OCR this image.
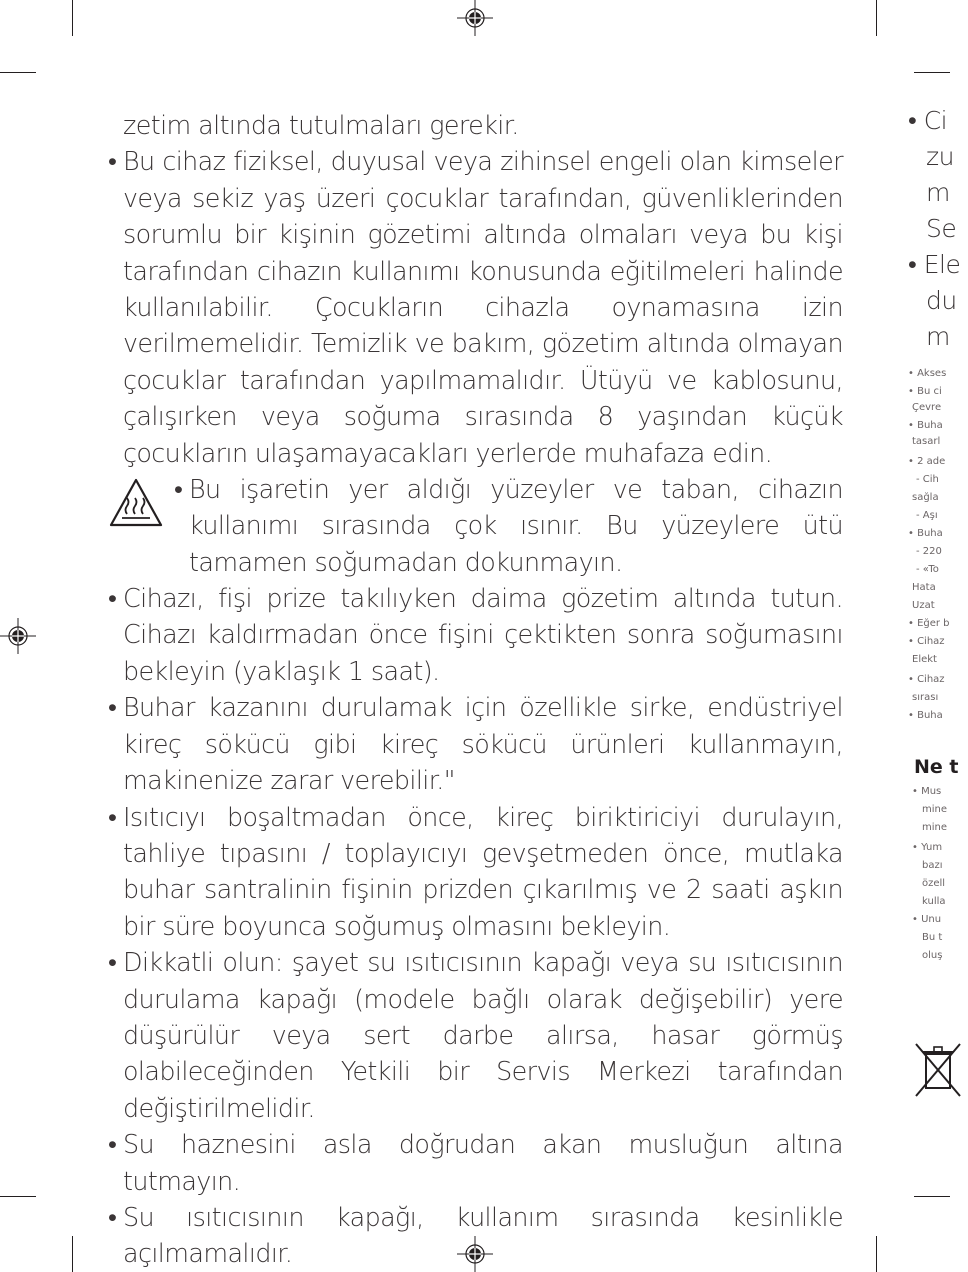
zetim altında tutulmaları gerekir.
• Bu cihaz fiziksel, duyusal veya zihinsel engeli olan kimseler veya sekiz yaş üzeri çocuklar tarafından, güvenliklerinden sorumlu bir kişinin gözetimi altında olmaları veya bu kişi tarafından cihazın kullanımı konusunda eğitilmeleri halinde kullanılabilir. Çocukların cihazla oynamasına izin verilmemelidir. Temizlik ve bakım, gözetim altında olmayan çocuklar tarafından yapılmamalıdır. Ütüyü ve kablosunu, çalışırken veya soğuma sırasında 8 yaşından küçük çocukların ulaşamayacakları yerlerde muhafaza edin.
• Bu işaretin yer aldığı yüzeyler ve taban, cihazın kullanımı sırasında çok ısınır. Bu yüzeylere ütü tamamen soğumadan dokunmayın.
• Cihazı, fişi prize takılıyken daima gözetim altında tutun. Cihazı kaldırmadan önce fişini çektikten sonra soğumasını bekleyin (yaklaşık 1 saat).
• Buhar kazanını durulamak için özellikle sirke, endüstriyel kireç sökücü gibi kireç sökücü ürünleri kullanmayın, makinenize zarar verebilir."
• Isıtıcıyı boşaltmadan önce, kireç biriktiriciyi durulayın, tahliye tıpasını / toplayıcıyı gevşetmeden önce, mutlaka buhar santralinin fişinin prizden çıkarılmış ve 2 saati aşkın bir süre boyunca soğumuş olmasını bekleyin.
• Dikkatli olun: şayet su ısıtıcısının kapağı veya su ısıtıcısının durulama kapağı (modele bağlı olarak değişebilir) yere düşürülür veya sert darbe alırsa, hasar görmüş olabileceğinden Yetkili bir Servis Merkezi tarafından değiştirilmelidir.
• Su haznesini asla doğrudan akan musluğun altına tutmayın.
• Su ısıtıcısının kapağı, kullanım sırasında kesinlikle açılmamalıdır.
• Ci
zu
m
Se
• Ele
du
m
• Akses
• Bu ci
Çevre
• Buha
tasarl
• 2 ade
- Cih
sağla
- Aşı
• Buha
- 220
- «To
Hata
Uzat
• Eğer b
• Cihaz
Elekt
• Cihaz
sırası
• Buha
Ne t
• Mus
mine
mine
• Yum
bazı
özell
kulla
• Unu
Bu t
oluş
